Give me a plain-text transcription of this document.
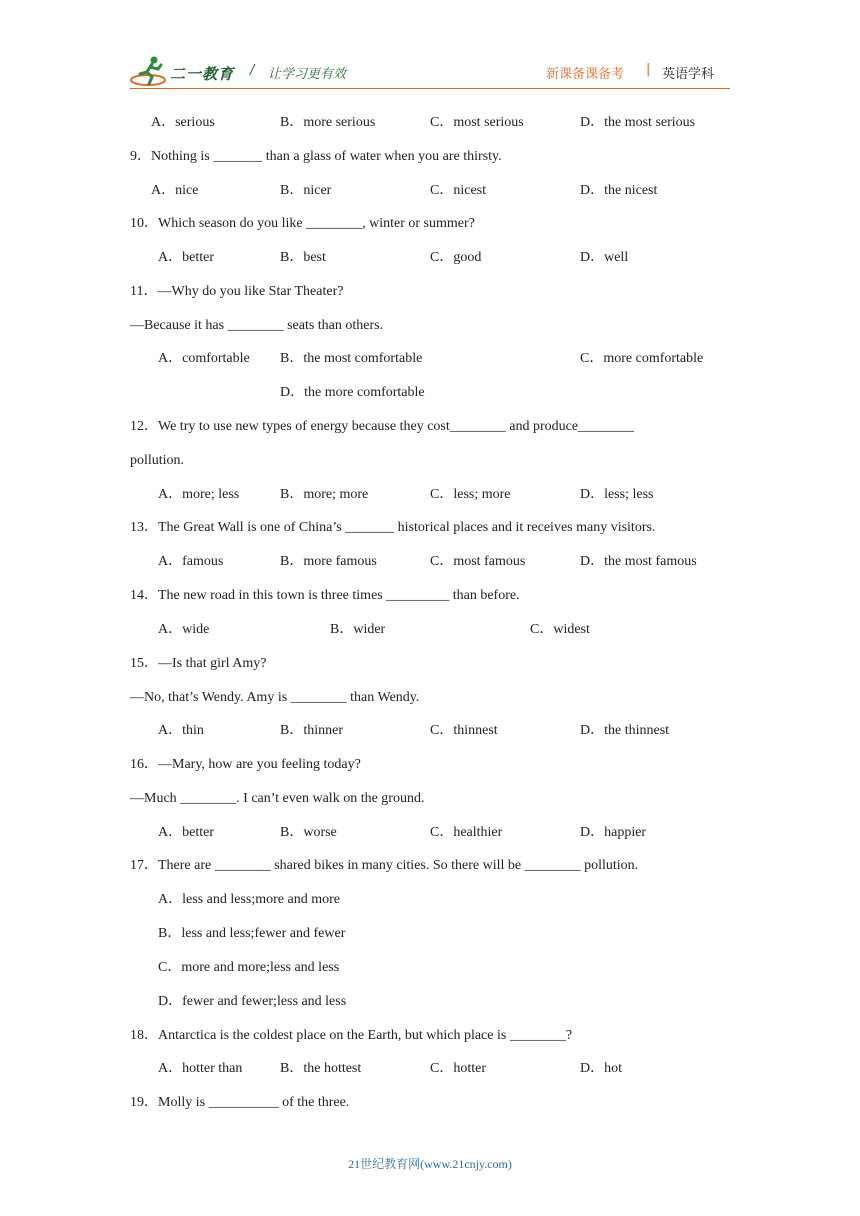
二一教育 / 让学习更有效	新课备课备考 | 英语学科
A．serious	B．more serious	C．most serious	D．the most serious
9．Nothing is _______ than a glass of water when you are thirsty.
A．nice	B．nicer	C．nicest	D．the nicest
10．Which season do you like ________, winter or summer?
A．better	B．best	C．good	D．well
11．—Why do you like Star Theater?
—Because it has ________ seats than others.
A．comfortable B．the most comfortable	C．more comfortable
D．the more comfortable
12．We try to use new types of energy because they cost________ and produce________
pollution.
A．more; less	B．more; more	C．less; more	D．less; less
13．The Great Wall is one of China’s _______ historical places and it receives many visitors.
A．famous	B．more famous	C．most famous	D．the most famous
14．The new road in this town is three times _________ than before.
A．wide	B．wider	C．widest
15．—Is that girl Amy?
—No, that’s Wendy. Amy is ________ than Wendy.
A．thin	B．thinner	C．thinnest	D．the thinnest
16．—Mary, how are you feeling today?
—Much ________. I can’t even walk on the ground.
A．better	B．worse	C．healthier	D．happier
17．There are ________ shared bikes in many cities. So there will be ________ pollution.
A．less and less;more and more
B．less and less;fewer and fewer
C．more and more;less and less
D．fewer and fewer;less and less
18．Antarctica is the coldest place on the Earth, but which place is ________?
A．hotter than	B．the hottest	C．hotter	D．hot
19．Molly is __________ of the three.
21世纪教育网(www.21cnjy.com)
